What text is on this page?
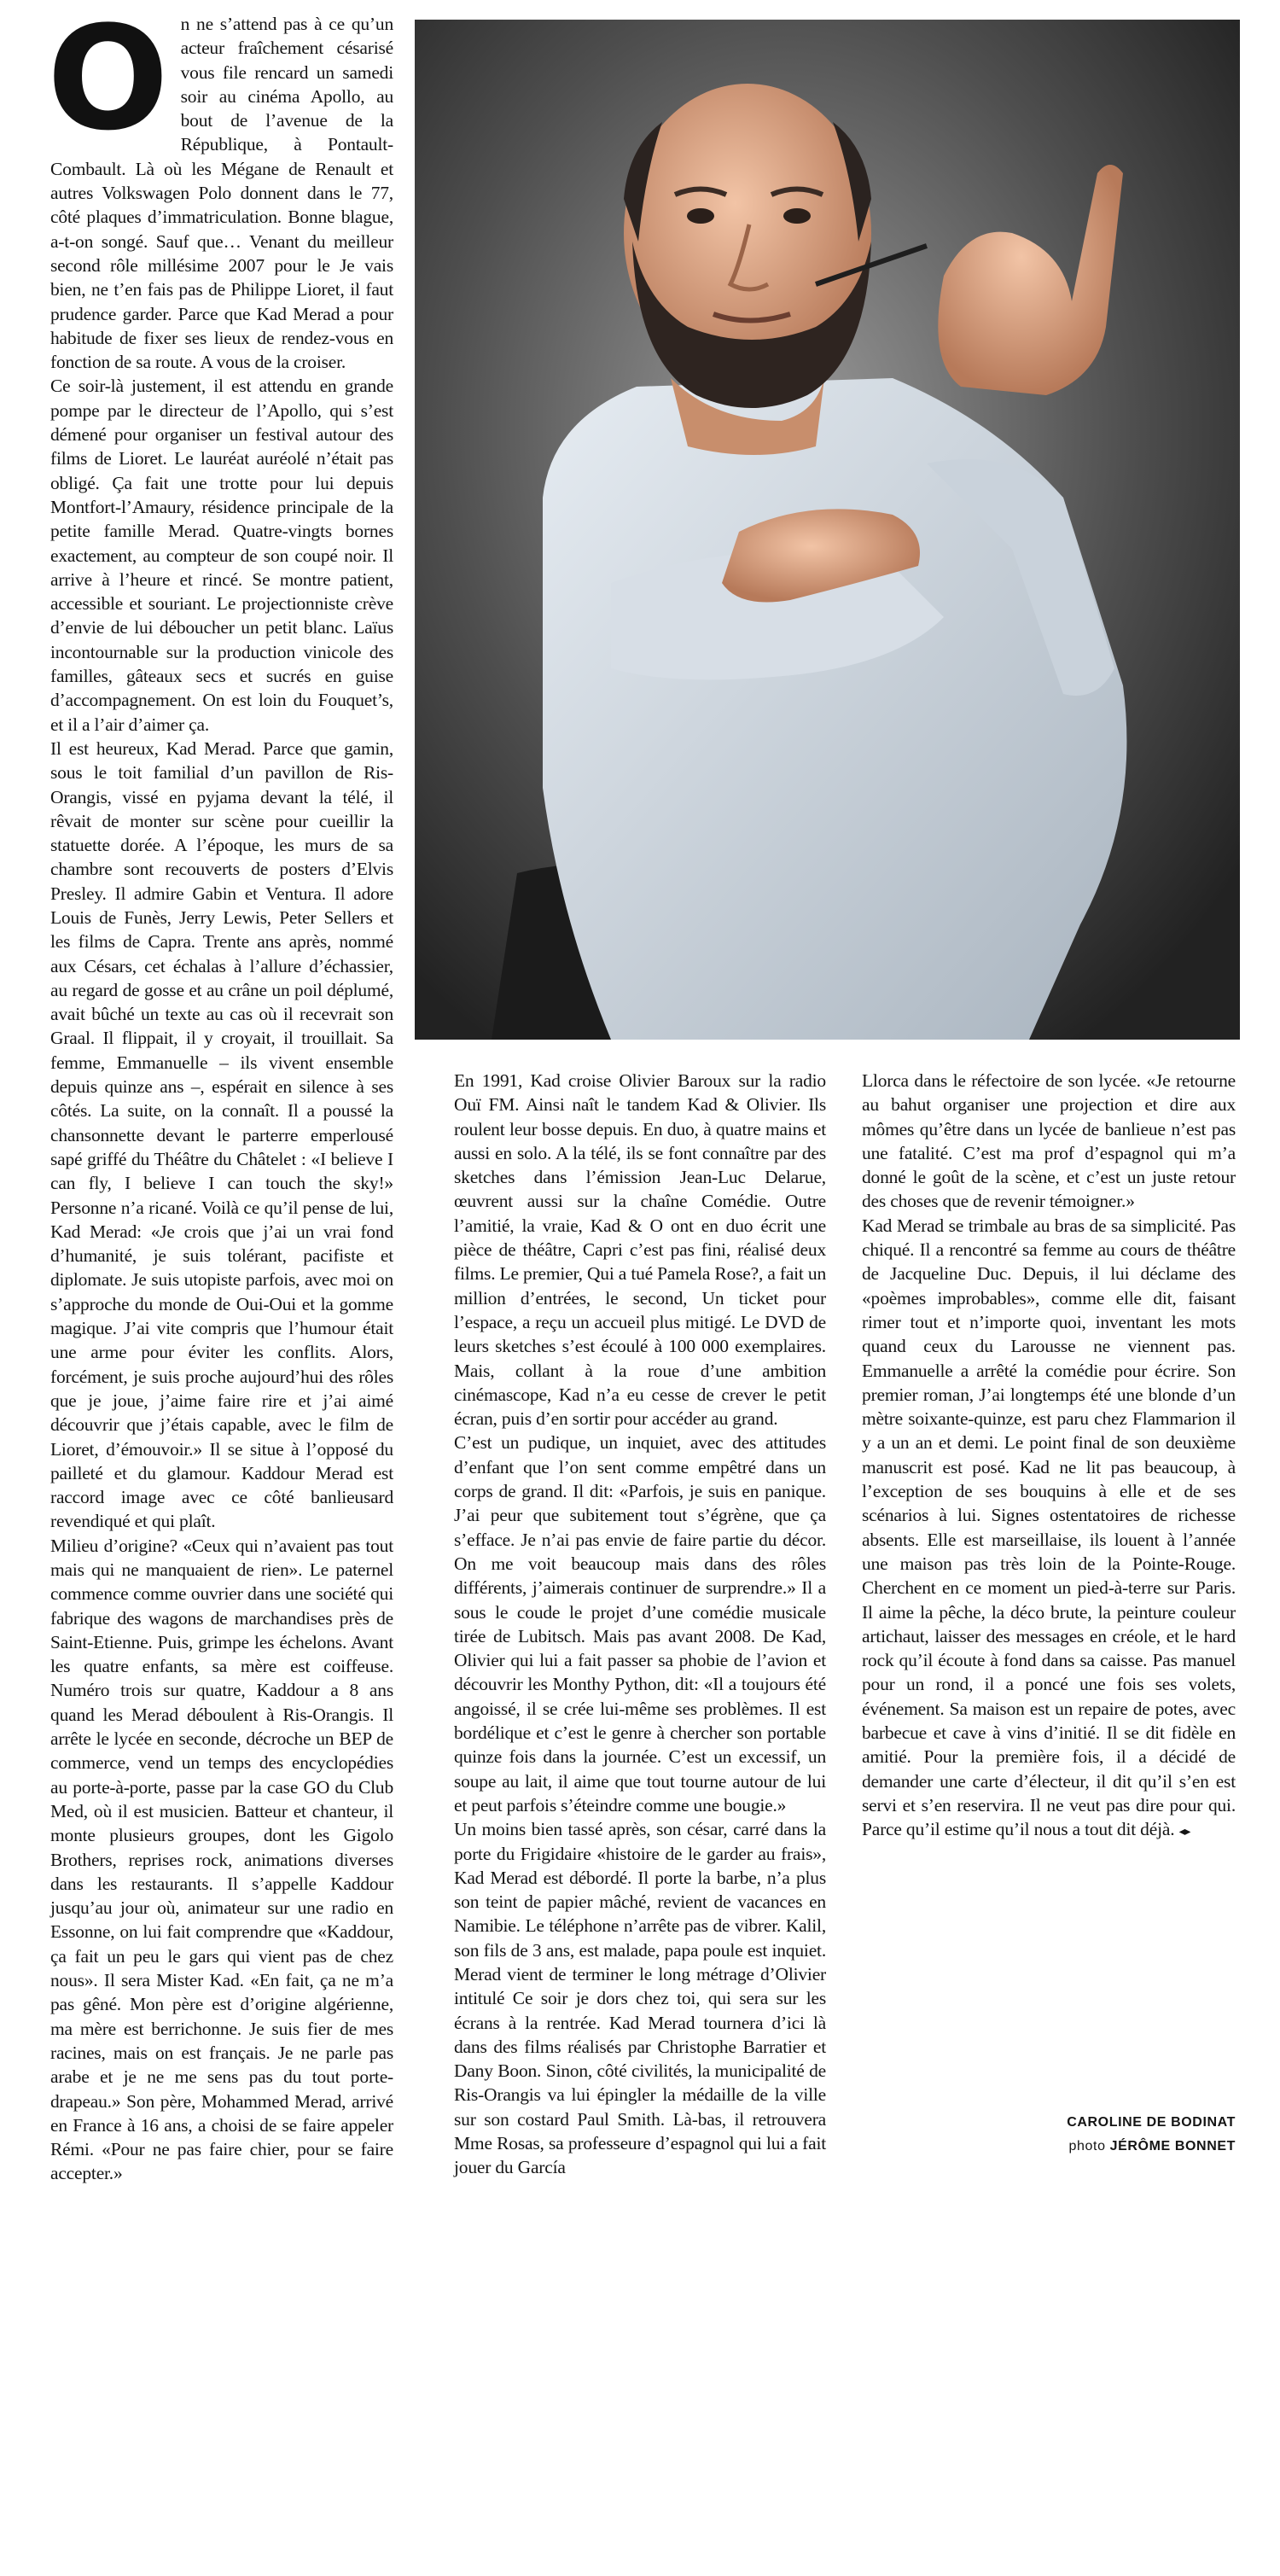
O n ne s’attend pas à ce qu’un acteur fraîchement césarisé vous file rencard un samedi soir au cinéma Apollo, au bout de l’avenue de la République, à Pontault-Combault. Là où les Mégane de Renault et autres Volkswagen Polo donnent dans le 77, côté plaques d’immatriculation. Bonne blague, a-t-on songé. Sauf que… Venant du meilleur second rôle millésime 2007 pour le Je vais bien, ne t’en fais pas de Philippe Lioret, il faut prudence garder. Parce que Kad Merad a pour habitude de fixer ses lieux de rendez-vous en fonction de sa route. A vous de la croiser.

Ce soir-là justement, il est attendu en grande pompe par le directeur de l’Apollo, qui s’est démené pour organiser un festival autour des films de Lioret. Le lauréat auréolé n’était pas obligé. Ça fait une trotte pour lui depuis Montfort-l’Amaury, résidence principale de la petite famille Merad. Quatre-vingts bornes exactement, au compteur de son coupé noir. Il arrive à l’heure et rincé. Se montre patient, accessible et souriant. Le projectionniste crève d’envie de lui déboucher un petit blanc. Laïus incontournable sur la production vinicole des familles, gâteaux secs et sucrés en guise d’accompagnement. On est loin du Fouquet’s, et il a l’air d’aimer ça.

Il est heureux, Kad Merad. Parce que gamin, sous le toit familial d’un pavillon de Ris-Orangis, vissé en pyjama devant la télé, il rêvait de monter sur scène pour cueillir la statuette dorée. A l’époque, les murs de sa chambre sont recouverts de posters d’Elvis Presley. Il admire Gabin et Ventura. Il adore Louis de Funès, Jerry Lewis, Peter Sellers et les films de Capra. Trente ans après, nommé aux Césars, cet échalas à l’allure d’échassier, au regard de gosse et au crâne un poil déplumé, avait bûché un texte au cas où il recevrait son Graal. Il flippait, il y croyait, il trouillait. Sa femme, Emmanuelle – ils vivent ensemble depuis quinze ans –, espérait en silence à ses côtés. La suite, on la connaît. Il a poussé la chansonnette devant le parterre emperlousé sapé griffé du Théâtre du Châtelet : «I believe I can fly, I believe I can touch the sky!» Personne n’a ricané. Voilà ce qu’il pense de lui, Kad Merad: «Je crois que j’ai un vrai fond d’humanité, je suis tolérant, pacifiste et diplomate. Je suis utopiste parfois, avec moi on s’approche du monde de Oui-Oui et la gomme magique. J’ai vite compris que l’humour était une arme pour éviter les conflits. Alors, forcément, je suis proche aujourd’hui des rôles que je joue, j’aime faire rire et j’ai aimé découvrir que j’étais capable, avec le film de Lioret, d’émouvoir.» Il se situe à l’opposé du pailleté et du glamour. Kaddour Merad est raccord image avec ce côté banlieusard revendiqué et qui plaît.

Milieu d’origine? «Ceux qui n’avaient pas tout mais qui ne manquaient de rien». Le paternel commence comme ouvrier dans une société qui fabrique des wagons de marchandises près de Saint-Etienne. Puis, grimpe les échelons. Avant les quatre enfants, sa mère est coiffeuse. Numéro trois sur quatre, Kaddour a 8 ans quand les Merad déboulent à Ris-Orangis. Il arrête le lycée en seconde, décroche un BEP de commerce, vend un temps des encyclopédies au porte-à-porte, passe par la case GO du Club Med, où il est musicien. Batteur et chanteur, il monte plusieurs groupes, dont les Gigolo Brothers, reprises rock, animations diverses dans les restaurants. Il s’appelle Kaddour jusqu’au jour où, animateur sur une radio en Essonne, on lui fait comprendre que «Kaddour, ça fait un peu le gars qui vient pas de chez nous». Il sera Mister Kad. «En fait, ça ne m’a pas gêné. Mon père est d’origine algérienne, ma mère est berrichonne. Je suis fier de mes racines, mais on est français. Je ne parle pas arabe et je ne me sens pas du tout porte-drapeau.» Son père, Mohammed Merad, arrivé en France à 16 ans, a choisi de se faire appeler Rémi. «Pour ne pas faire chier, pour se faire accepter.»

En 1991, Kad croise Olivier Baroux sur la radio Ouï FM. Ainsi naît le tandem Kad & Olivier. Ils roulent leur bosse depuis. En duo, à quatre mains et aussi en solo. A la télé, ils se font connaître par des sketches dans l’émission Jean-Luc Delarue, œuvrent aussi sur la chaîne Comédie. Outre l’amitié, la vraie, Kad & O ont en duo écrit une pièce de théâtre, Capri c’est pas fini, réalisé deux films. Le premier, Qui a tué Pamela Rose?, a fait un million d’entrées, le second, Un ticket pour l’espace, a reçu un accueil plus mitigé. Le DVD de leurs sketches s’est écoulé à 100 000 exemplaires. Mais, collant à la roue d’une ambition cinémascope, Kad n’a eu cesse de crever le petit écran, puis d’en sortir pour accéder au grand.

C’est un pudique, un inquiet, avec des attitudes d’enfant que l’on sent comme empêtré dans un corps de grand. Il dit: «Parfois, je suis en panique. J’ai peur que subitement tout s’égrène, que ça s’efface. Je n’ai pas envie de faire partie du décor. On me voit beaucoup mais dans des rôles différents, j’aimerais continuer de surprendre.» Il a sous le coude le projet d’une comédie musicale tirée de Lubitsch. Mais pas avant 2008. De Kad, Olivier qui lui a fait passer sa phobie de l’avion et découvrir les Monthy Python, dit: «Il a toujours été angoissé, il se crée lui-même ses problèmes. Il est bordélique et c’est le genre à chercher son portable quinze fois dans la journée. C’est un excessif, un soupe au lait, il aime que tout tourne autour de lui et peut parfois s’éteindre comme une bougie.»

Un moins bien tassé après, son césar, carré dans la porte du Frigidaire «histoire de le garder au frais», Kad Merad est débordé. Il porte la barbe, n’a plus son teint de papier mâché, revient de vacances en Namibie. Le téléphone n’arrête pas de vibrer. Kalil, son fils de 3 ans, est malade, papa poule est inquiet. Merad vient de terminer le long métrage d’Olivier intitulé Ce soir je dors chez toi, qui sera sur les écrans à la rentrée. Kad Merad tournera d’ici là dans des films réalisés par Christophe Barratier et Dany Boon. Sinon, côté civilités, la municipalité de Ris-Orangis va lui épingler la médaille de la ville sur son costard Paul Smith. Là-bas, il retrouvera Mme Rosas, sa professeure d’espagnol qui lui a fait jouer du García

Llorca dans le réfectoire de son lycée. «Je retourne au bahut organiser une projection et dire aux mômes qu’être dans un lycée de banlieue n’est pas une fatalité. C’est ma prof d’espagnol qui m’a donné le goût de la scène, et c’est un juste retour des choses que de revenir témoigner.»

Kad Merad se trimbale au bras de sa simplicité. Pas chiqué. Il a rencontré sa femme au cours de théâtre de Jacqueline Duc. Depuis, il lui déclame des «poèmes improbables», comme elle dit, faisant rimer tout et n’importe quoi, inventant les mots quand ceux du Larousse ne viennent pas. Emmanuelle a arrêté la comédie pour écrire. Son premier roman, J’ai longtemps été une blonde d’un mètre soixante-quinze, est paru chez Flammarion il y a un an et demi. Le point final de son deuxième manuscrit est posé. Kad ne lit pas beaucoup, à l’exception de ses bouquins à elle et de ses scénarios à lui. Signes ostentatoires de richesse absents. Elle est marseillaise, ils louent à l’année une maison pas très loin de la Pointe-Rouge. Cherchent en ce moment un pied-à-terre sur Paris. Il aime la pêche, la déco brute, la peinture couleur artichaut, laisser des messages en créole, et le hard rock qu’il écoute à fond dans sa caisse. Pas manuel pour un rond, il a poncé une fois ses volets, événement. Sa maison est un repaire de potes, avec barbecue et cave à vins d’initié. Il se dit fidèle en amitié. Pour la première fois, il a décidé de demander une carte d’électeur, il dit qu’il s’en est servi et s’en reservira. Il ne veut pas dire pour qui. Parce qu’il estime qu’il nous a tout dit déjà. ◂▸

CAROLINE DE BODINAT
photo JÉRÔME BONNET
